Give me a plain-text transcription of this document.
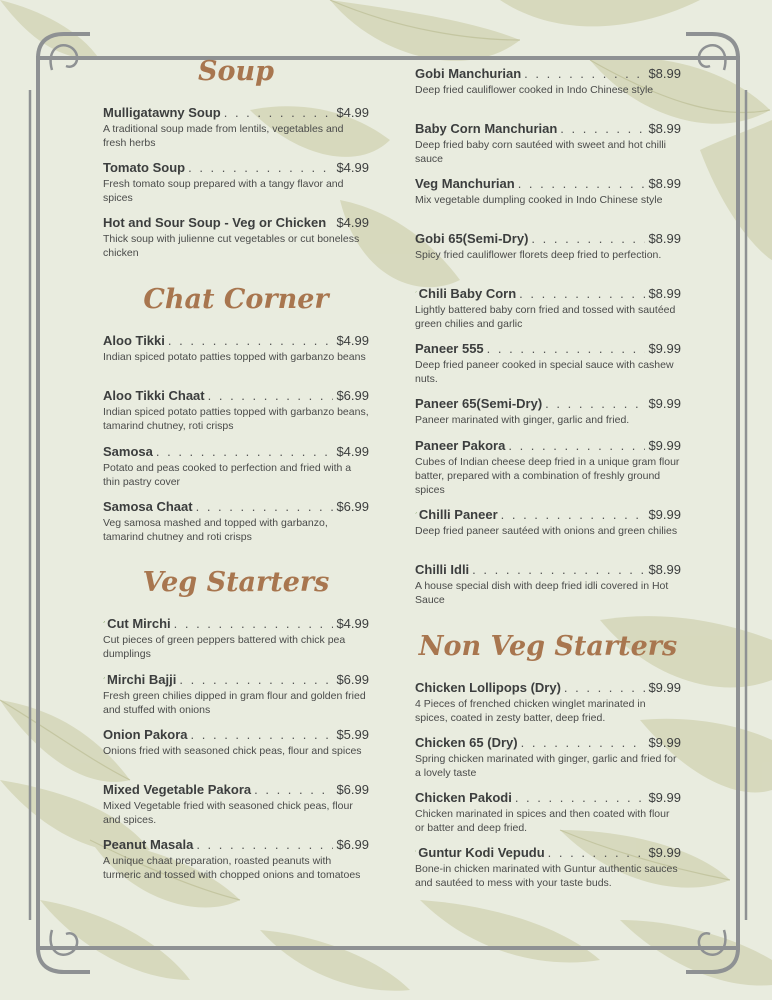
Soup
Mulligatawny Soup . . .	$4.99
A traditional soup made from lentils, vegetables and fresh herbs
Tomato Soup . . .	$4.99
Fresh tomato soup prepared with a tangy flavor and spices
Hot and Sour Soup - Veg or Chicken $4.99
Thick soup with julienne cut vegetables or cut boneless chicken
Chat Corner
Aloo Tikki . . .	$4.99
Indian spiced potato patties topped with garbanzo beans
Aloo Tikki Chaat . . .	$6.99
Indian spiced potato patties topped with garbanzo beans, tamarind chutney, roti crisps
Samosa . . .	$4.99
Potato and peas cooked to perfection and fried with a thin pastry cover
Samosa Chaat . . .	$6.99
Veg samosa mashed and topped with garbanzo, tamarind chutney and roti crisps
Veg Starters
Cut Mirchi . . .	$4.99
Cut pieces of green peppers battered with chick pea dumplings
Mirchi Bajji . . .	$6.99
Fresh green chilies dipped in gram flour and golden fried and stuffed with onions
Onion Pakora . . .	$5.99
Onions fried with seasoned chick peas, flour and spices
Mixed Vegetable Pakora . . .	$6.99
Mixed Vegetable fried with seasoned chick peas, flour and spices.
Peanut Masala . . .	$6.99
A unique chaat preparation, roasted peanuts with turmeric and tossed with chopped onions and tomatoes
Gobi Manchurian . . .	$8.99
Deep fried cauliflower cooked in Indo Chinese style
Baby Corn Manchurian . . .	$8.99
Deep fried baby corn sautéed with sweet and hot chilli sauce
Veg Manchurian . . .	$8.99
Mix vegetable dumpling cooked in Indo Chinese style
Gobi 65(Semi-Dry) . . .	$8.99
Spicy fried cauliflower florets deep fried to perfection.
Chili Baby Corn . . .	$8.99
Lightly battered baby corn fried and tossed with sautéed green chilies and garlic
Paneer 555 . . .	$9.99
Deep fried paneer cooked in special sauce with cashew nuts.
Paneer 65(Semi-Dry) . . .	$9.99
Paneer marinated with ginger, garlic and fried.
Paneer Pakora . . .	$9.99
Cubes of Indian cheese deep fried in a unique gram flour batter, prepared with a combination of freshly ground spices
Chilli Paneer . . .	$9.99
Deep fried paneer sautéed with onions and green chilies
Chilli Idli . . .	$8.99
A house special dish with deep fried idli covered in Hot Sauce
Non Veg Starters
Chicken Lollipops (Dry) . . .	$9.99
4 Pieces of frenched chicken winglet marinated in spices, coated in zesty batter, deep fried.
Chicken 65 (Dry) . . .	$9.99
Spring chicken marinated with ginger, garlic and fried for a lovely taste
Chicken Pakodi . . .	$9.99
Chicken marinated in spices and then coated with flour or batter and deep fried.
Guntur Kodi Vepudu . . .	$9.99
Bone-in chicken marinated with Guntur authentic sauces and sautéed to mess with your taste buds.
